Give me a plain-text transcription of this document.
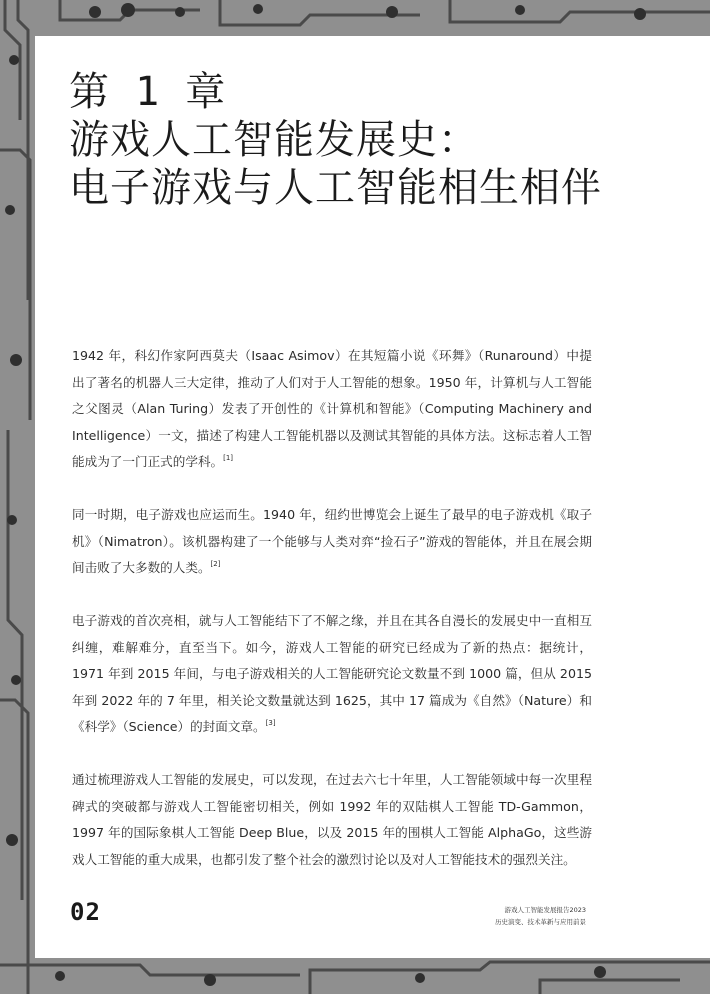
第 1 章
游戏人工智能发展史：
电子游戏与人工智能相生相伴

1942 年，科幻作家阿西莫夫（Isaac Asimov）在其短篇小说《环舞》（Runaround）中提出了著名的机器人三大定律，推动了人们对于人工智能的想象。1950 年，计算机与人工智能之父图灵（Alan Turing）发表了开创性的《计算机和智能》（Computing Machinery and Intelligence）一文，描述了构建人工智能机器以及测试其智能的具体方法。这标志着人工智能成为了一门正式的学科。[1]

同一时期，电子游戏也应运而生。1940 年，纽约世博览会上诞生了最早的电子游戏机《取子机》（Nimatron）。该机器构建了一个能够与人类对弈“捡石子”游戏的智能体，并且在展会期间击败了大多数的人类。[2]

电子游戏的首次亮相，就与人工智能结下了不解之缘，并且在其各自漫长的发展史中一直相互纠缠，难解难分，直至当下。如今，游戏人工智能的研究已经成为了新的热点：据统计，1971 年到 2015 年间，与电子游戏相关的人工智能研究论文数量不到 1000 篇，但从 2015 年到 2022 年的 7 年里，相关论文数量就达到 1625，其中 17 篇成为《自然》（Nature）和《科学》（Science）的封面文章。[3]

通过梳理游戏人工智能的发展史，可以发现，在过去六七十年里，人工智能领域中每一次里程碑式的突破都与游戏人工智能密切相关，例如 1992 年的双陆棋人工智能 TD-Gammon，1997 年的国际象棋人工智能 Deep Blue，以及 2015 年的围棋人工智能 AlphaGo，这些游戏人工智能的重大成果，也都引发了整个社会的激烈讨论以及对人工智能技术的强烈关注。

02	游戏人工智能发展报告2023
历史演变、技术革新与应用前景
